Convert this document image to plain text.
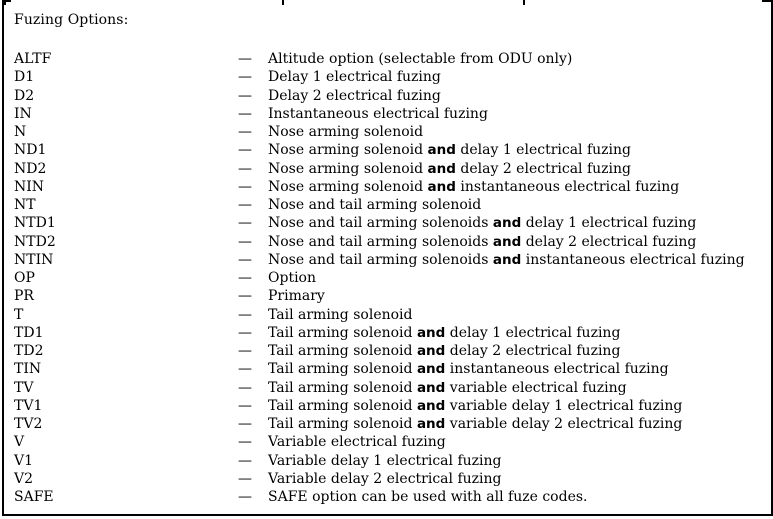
Fuzing Options:
ALTF	— Altitude option (selectable from ODU only)
D1	— Delay 1 electrical fuzing
D2	— Delay 2 electrical fuzing
IN	— Instantaneous electrical fuzing
N	— Nose arming solenoid
ND1	— Nose arming solenoid and delay 1 electrical fuzing
ND2	— Nose arming solenoid and delay 2 electrical fuzing
NIN	— Nose arming solenoid and instantaneous electrical fuzing
NT	— Nose and tail arming solenoid
NTD1	— Nose and tail arming solenoids and delay 1 electrical fuzing
NTD2	— Nose and tail arming solenoids and delay 2 electrical fuzing
NTIN	— Nose and tail arming solenoids and instantaneous electrical fuzing
OP	— Option
PR	— Primary
T	— Tail arming solenoid
TD1	— Tail arming solenoid and delay 1 electrical fuzing
TD2	— Tail arming solenoid and delay 2 electrical fuzing
TIN	— Tail arming solenoid and instantaneous electrical fuzing
TV	— Tail arming solenoid and variable electrical fuzing
TV1	— Tail arming solenoid and variable delay 1 electrical fuzing
TV2	— Tail arming solenoid and variable delay 2 electrical fuzing
V	— Variable electrical fuzing
V1	— Variable delay 1 electrical fuzing
V2	— Variable delay 2 electrical fuzing
SAFE	— SAFE option can be used with all fuze codes.
